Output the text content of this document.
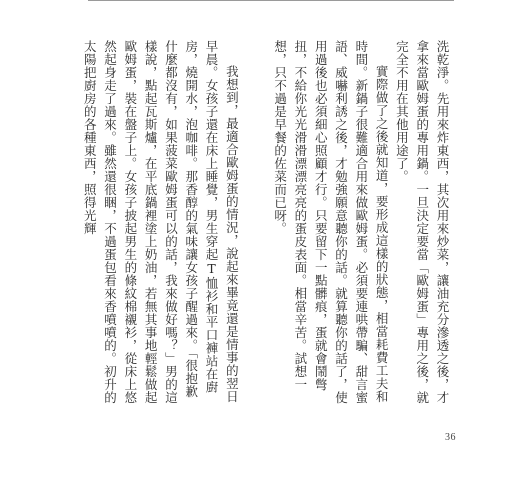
洗乾淨。先用來炸東西，其次用來炒菜，讓油充分滲透之後，才拿來當歐姆蛋的專用鍋。一旦決定要當「歐姆蛋」專用之後，就完全不用在其他用途了。

實際做了之後就知道，要形成這樣的狀態，相當耗費工夫和時間。新鍋子很難適合用來做歐姆蛋。必須要連哄帶騙、甜言蜜語、威嚇利誘之後，才勉強願意聽你的話。就算聽你的話了，使用過後也必須細心照顧才行。只要留下一點髒痕，蛋就會鬧彆扭，不給你光光滑滑漂漂亮亮的蛋皮表面。相當辛苦。試想一想，只不過是早餐的佐菜而已呀。

我想到，最適合歐姆蛋的情況，說起來畢竟還是情事的翌日早晨。女孩子還在床上睡覺，男生穿起T恤衫和平口褲站在廚房，燒開水，泡咖啡。那香醇的氣味讓女孩子醒過來。「很抱歉什麼都沒有，如果菠菜歐姆蛋可以的話，我來做好嗎？」男的這樣說，點起瓦斯爐，在平底鍋裡塗上奶油，若無其事地輕鬆做起歐姆蛋，裝在盤子上。女孩子披起男生的條紋棉襯衫，從床上悠然起身走了過來。雖然還很睏，不過蛋包看來香噴噴的。初升的太陽把廚房的各種東西，照得光輝

36
